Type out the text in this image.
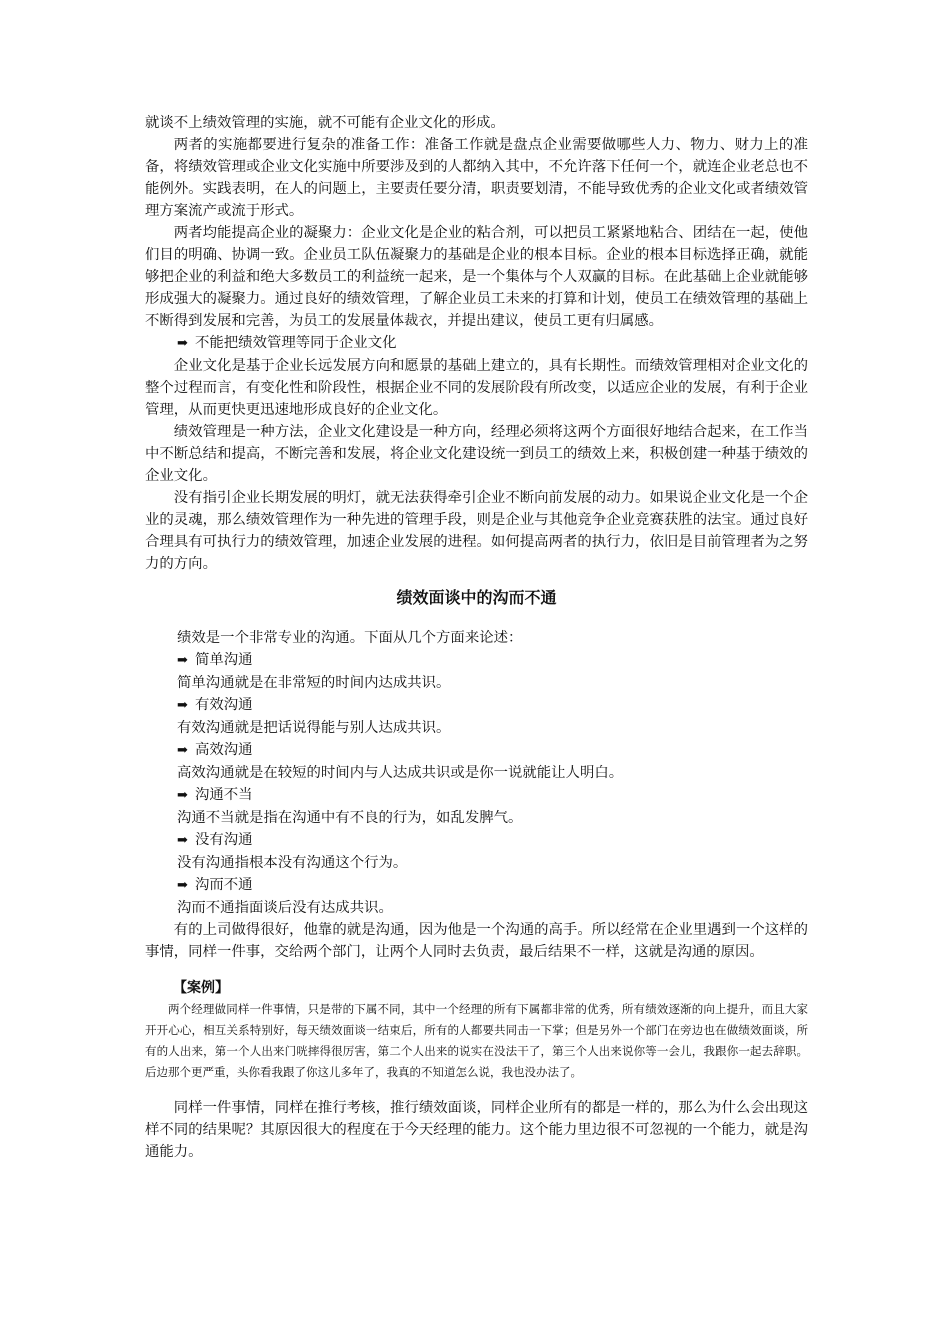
就谈不上绩效管理的实施，就不可能有企业文化的形成。

两者的实施都要进行复杂的准备工作：准备工作就是盘点企业需要做哪些人力、物力、财力上的准备，将绩效管理或企业文化实施中所要涉及到的人都纳入其中，不允许落下任何一个，就连企业老总也不能例外。实践表明，在人的问题上，主要责任要分清，职责要划清，不能导致优秀的企业文化或者绩效管理方案流产或流于形式。

两者均能提高企业的凝聚力：企业文化是企业的粘合剂，可以把员工紧紧地粘合、团结在一起，使他们目的明确、协调一致。企业员工队伍凝聚力的基础是企业的根本目标。企业的根本目标选择正确，就能够把企业的利益和绝大多数员工的利益统一起来，是一个集体与个人双赢的目标。在此基础上企业就能够形成强大的凝聚力。通过良好的绩效管理，了解企业员工未来的打算和计划，使员工在绩效管理的基础上不断得到发展和完善，为员工的发展量体裁衣，并提出建议，使员工更有归属感。

➡ 不能把绩效管理等同于企业文化

企业文化是基于企业长远发展方向和愿景的基础上建立的，具有长期性。而绩效管理相对企业文化的整个过程而言，有变化性和阶段性，根据企业不同的发展阶段有所改变，以适应企业的发展，有利于企业管理，从而更快更迅速地形成良好的企业文化。

绩效管理是一种方法，企业文化建设是一种方向，经理必须将这两个方面很好地结合起来，在工作当中不断总结和提高，不断完善和发展，将企业文化建设统一到员工的绩效上来，积极创建一种基于绩效的企业文化。

没有指引企业长期发展的明灯，就无法获得牵引企业不断向前发展的动力。如果说企业文化是一个企业的灵魂，那么绩效管理作为一种先进的管理手段，则是企业与其他竞争企业竞赛获胜的法宝。通过良好合理具有可执行力的绩效管理，加速企业发展的进程。如何提高两者的执行力，依旧是目前管理者为之努力的方向。

绩效面谈中的沟而不通

绩效是一个非常专业的沟通。下面从几个方面来论述：

➡ 简单沟通
简单沟通就是在非常短的时间内达成共识。
➡ 有效沟通
有效沟通就是把话说得能与别人达成共识。
➡ 高效沟通
高效沟通就是在较短的时间内与人达成共识或是你一说就能让人明白。
➡ 沟通不当
沟通不当就是指在沟通中有不良的行为，如乱发脾气。
➡ 没有沟通
没有沟通指根本没有沟通这个行为。
➡ 沟而不通
沟而不通指面谈后没有达成共识。

有的上司做得很好，他靠的就是沟通，因为他是一个沟通的高手。所以经常在企业里遇到一个这样的事情，同样一件事，交给两个部门，让两个人同时去负责，最后结果不一样，这就是沟通的原因。

【案例】

两个经理做同样一件事情，只是带的下属不同，其中一个经理的所有下属都非常的优秀，所有绩效逐渐的向上提升，而且大家开开心心，相互关系特别好，每天绩效面谈一结束后，所有的人都要共同击一下掌；但是另外一个部门在旁边也在做绩效面谈，所有的人出来，第一个人出来门咣摔得很厉害，第二个人出来的说实在没法干了，第三个人出来说你等一会儿，我跟你一起去辞职。后边那个更严重，头你看我跟了你这儿多年了，我真的不知道怎么说，我也没办法了。

同样一件事情，同样在推行考核，推行绩效面谈，同样企业所有的都是一样的，那么为什么会出现这样不同的结果呢？其原因很大的程度在于今天经理的能力。这个能力里边很不可忽视的一个能力，就是沟通能力。
